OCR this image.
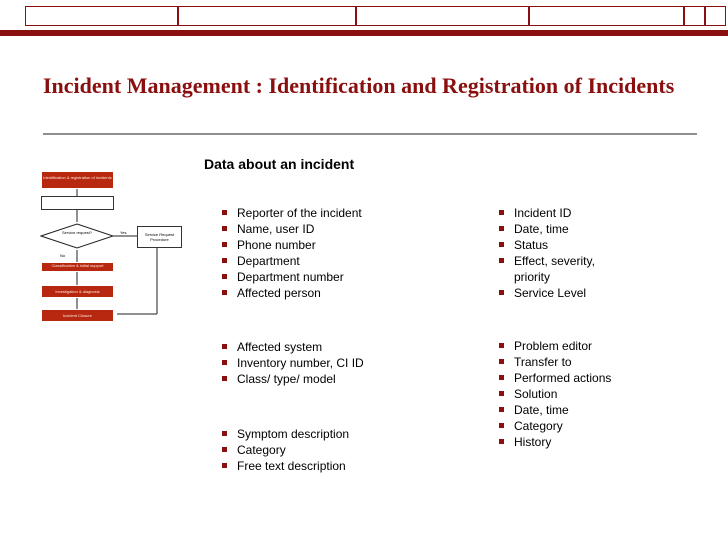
Incident Management : Identification and Registration of Incidents
Identification & registration of incidents
Service request?	Yes
No
Service Request Procedure
Classification & initial support
Investigation & diagnosis
Incident Closure
Data about an incident
Reporter of the incident
Name, user ID
Phone number
Department
Department number
Affected person
Incident ID
Date, time
Status
Effect, severity, priority
Service Level
Affected system
Inventory number, CI ID
Class/ type/ model
Problem editor
Transfer to
Performed actions
Solution
Date, time
Category
History
Symptom description
Category
Free text description
